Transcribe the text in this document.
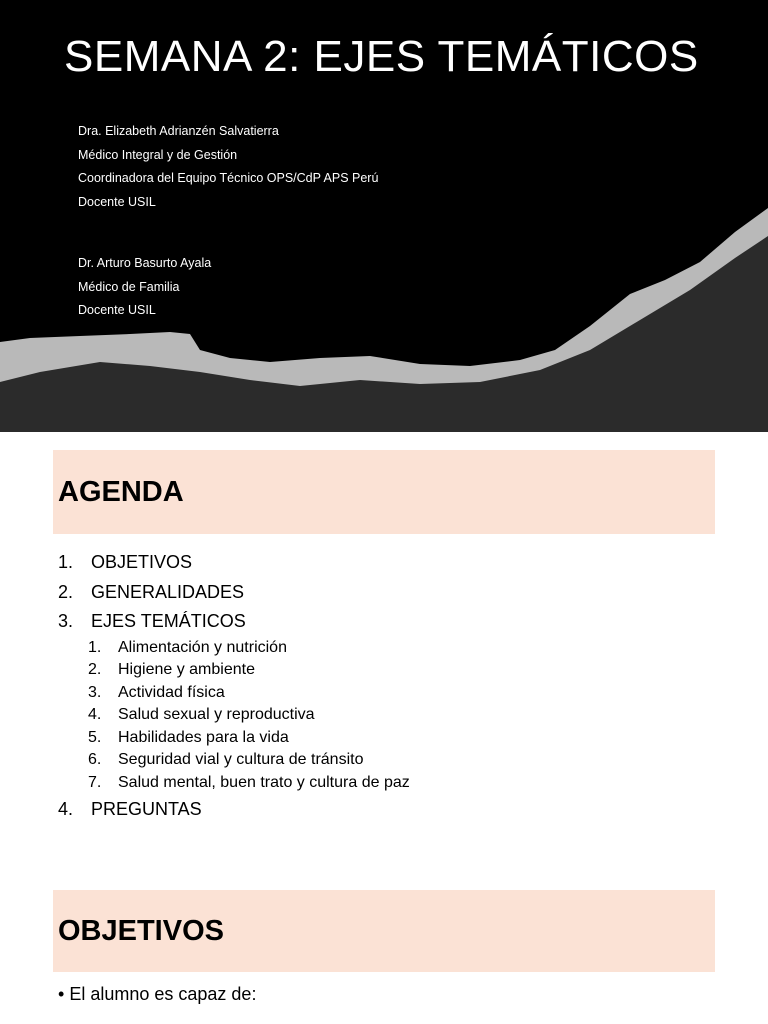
SEMANA 2: EJES TEMÁTICOS
Dra. Elizabeth Adrianzén Salvatierra
Médico Integral y de Gestión
Coordinadora del Equipo Técnico OPS/CdP APS Perú
Docente USIL
Dr. Arturo Basurto Ayala
Médico de Familia
Docente USIL
AGENDA
1. OBJETIVOS
2. GENERALIDADES
3. EJES TEMÁTICOS
1. Alimentación y nutrición
2. Higiene y ambiente
3. Actividad física
4. Salud sexual y reproductiva
5. Habilidades para la vida
6. Seguridad vial y cultura de tránsito
7. Salud mental, buen trato y cultura de paz
4. PREGUNTAS
OBJETIVOS
• El alumno es capaz de:
